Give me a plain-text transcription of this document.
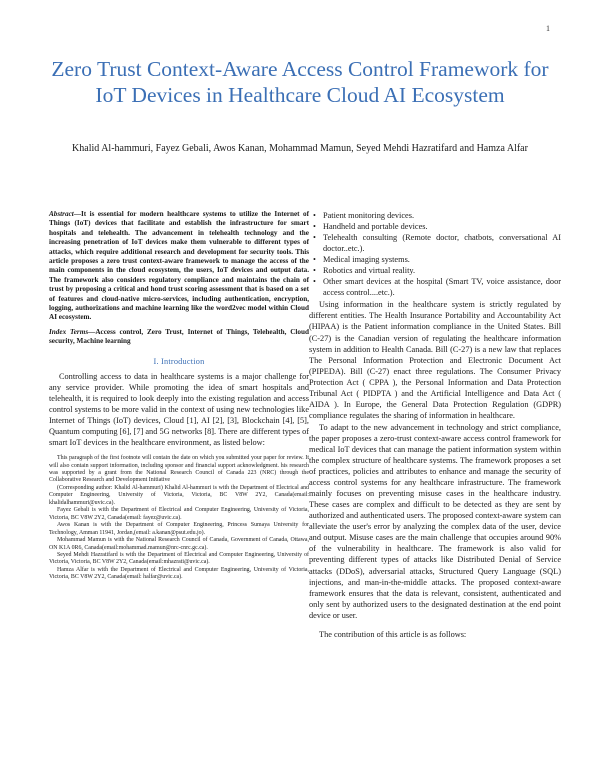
1
Zero Trust Context-Aware Access Control Framework for IoT Devices in Healthcare Cloud AI Ecosystem
Khalid Al-hammuri, Fayez Gebali, Awos Kanan, Mohammad Mamun, Seyed Mehdi Hazratifard and Hamza Alfar

Abstract—It is essential for modern healthcare systems to utilize the Internet of Things (IoT) devices that facilitate and establish the infrastructure for smart hospitals and telehealth. The advancement in telehealth technology and the increasing penetration of IoT devices make them vulnerable to different types of attacks, which require additional research and development for security tools. This article proposes a zero trust context-aware framework to manage the access of the main components in the cloud ecosystem, the users, IoT devices and output data. The framework also considers regulatory compliance and maintains the chain of trust by proposing a critical and hond trust scoring assessment that is based on a set of features and cloud-native micro-services, including authentication, encryption, logging, authorizations and machine learning like the word2vec model within Cloud AI ecosystem.

Index Terms—Access control, Zero Trust, Internet of Things, Telehealth, Cloud security, Machine learning

I. Introduction

Controlling access to data in healthcare systems is a major challenge for any service provider. While promoting the idea of smart hospitals and telehealth, it is required to look deeply into the existing regulation and access control systems to be more valid in the context of using new technologies like Internet of Things (IoT) devices, Cloud [1], AI [2], [3], Blockchain [4], [5], Quantum computing [6], [7] and 5G networks [8]. There are different types of smart IoT devices in the healthcare environment, as listed below:

This paragraph of the first footnote will contain the date on which you submitted your paper for review. It will also contain support information, including sponsor and financial support acknowledgment. his research was supported by a grant from the National Research Council of Canada 223 (NRC) through the Collaborative Research and Development Initiative

(Corresponding author: Khalid Al-hammuri) Khalid Al-hammuri is with the Department of Electrical and Computer Engineering, University of Victoria, Victoria, BC V8W 2Y2, Canada(email: khalidalhammuri@uvic.ca).

Fayez Gebali is with the Department of Electrical and Computer Engineering, University of Victoria, Victoria, BC V8W 2Y2, Canada(email: fayez@uvic.ca).

Awos Kanan is with the Department of Computer Engineering, Princess Sumaya University for Technology, Amman 11941, Jordan,(email: a.kanan@psut.edu.jo).

Mohammad Mamun is with the National Research Council of Canada, Government of Canada, Ottawa, ON K1A 0R6, Canada(email:mohammad.mamun@nrc-cnrc.gc.ca).

Seyed Mehdi Hazratifard is with the Department of Electrical and Computer Engineering, University of Victoria, Victoria, BC V8W 2Y2, Canada(email:mhazrati@uvic.ca).

Hamza Alfar is with the Department of Electrical and Computer Engineering, University of Victoria, Victoria, BC V8W 2Y2, Canada(email: halfar@uvic.ca).

• Patient monitoring devices.
• Handheld and portable devices.
• Telehealth consulting (Remote doctor, chatbots, conversational AI doctor..etc.).
• Medical imaging systems.
• Robotics and virtual reality.
• Other smart devices at the hospital (Smart TV, voice assistance, door access control....etc.).

Using information in the healthcare system is strictly regulated by different entities. The Health Insurance Portability and Accountability Act (HIPAA) is the Patient information compliance in the United States. Bill (C-27) is the Canadian version of regulating the healthcare information system in addition to Health Canada. Bill (C-27) is a new law that replaces The Personal Information Protection and Electronic Document Act (PIPEDA). Bill (C-27) enact three regulations. The Consumer Privacy Protection Act ( CPPA ), the Personal Information and Data Protection Tribunal Act ( PIDPTA ) and the Artificial Intelligence and Data Act ( AIDA ). In Europe, the General Data Protection Regulation (GDPR) compliance regulates the sharing of information in healthcare.

To adapt to the new advancement in technology and strict compliance, the paper proposes a zero-trust context-aware access control framework for medical IoT devices that can manage the patient information system within the complex structure of healthcare systems. The framework proposes a set of practices, policies and attributes to enhance and manage the security of access control systems for any healthcare infrastructure. The framework mainly focuses on preventing misuse cases in the healthcare industry. These cases are complex and difficult to be detected as they are sent by authorized and authenticated users. The proposed context-aware system can alleviate the user's error by analyzing the complex data of the user, device and output. Misuse cases are the main challenge that occupies around 90% of the vulnerability in healthcare. The framework is also valid for preventing different types of attacks like Distributed Denial of Service attacks (DDoS), adversarial attacks, Structured Query Language (SQL) injections, and man-in-the-middle attacks. The proposed context-aware framework ensures that the data is relevant, consistent, authenticated and only sent by authorized users to the designated destination at the end point device or user.

The contribution of this article is as follows:
